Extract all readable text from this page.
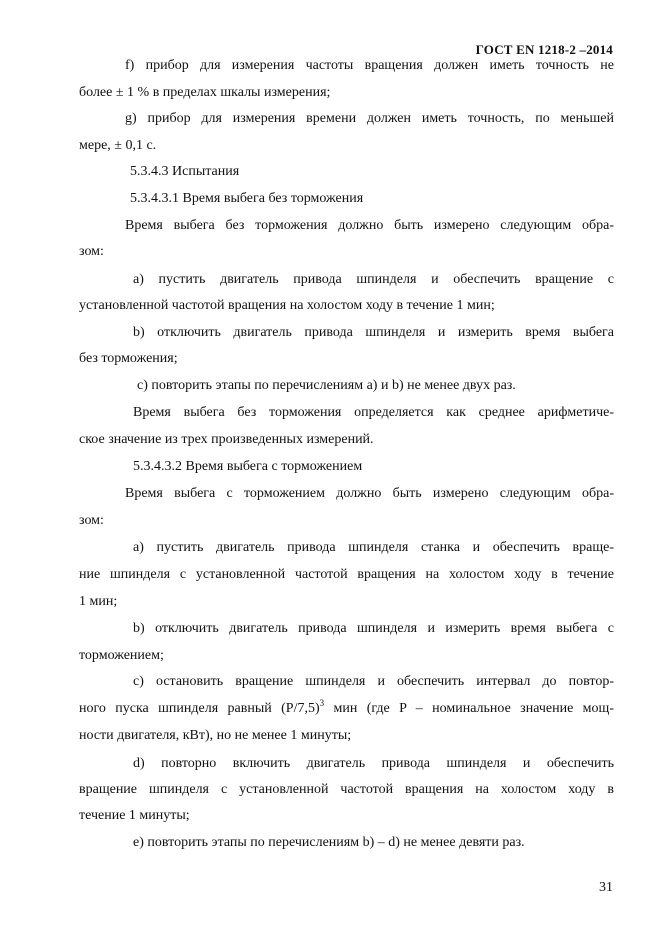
ГОСТ EN 1218-2 –2014
f) прибор для измерения частоты вращения должен иметь точность не
более ± 1 % в пределах шкалы измерения;
g) прибор для измерения времени должен иметь точность, по меньшей
мере, ± 0,1 с.
5.3.4.3 Испытания
5.3.4.3.1 Время выбега без торможения
Время выбега без торможения должно быть измерено следующим обра-
зом:
a) пустить двигатель привода шпинделя и обеспечить вращение с
установленной частотой вращения на холостом ходу в течение 1 мин;
b) отключить двигатель привода шпинделя и измерить время выбега
без торможения;
c) повторить этапы по перечислениям a) и b) не менее двух раз.
Время выбега без торможения определяется как среднее арифметиче-
ское значение из трех произведенных измерений.
5.3.4.3.2 Время выбега с торможением
Время выбега с торможением должно быть измерено следующим обра-
зом:
a) пустить двигатель привода шпинделя станка и обеспечить враще-
ние шпинделя с установленной частотой вращения на холостом ходу в течение
1 мин;
b) отключить двигатель привода шпинделя и измерить время выбега с
торможением;
c) остановить вращение шпинделя и обеспечить интервал до повтор-
ного пуска шпинделя равный $(P/7,5)^3$ мин (где P – номинальное значение мощ-
ности двигателя, кВт), но не менее 1 минуты;
d) повторно включить двигатель привода шпинделя и обеспечить
вращение шпинделя с установленной частотой вращения на холостом ходу в
течение 1 минуты;
e) повторить этапы по перечислениям b) – d) не менее девяти раз.
31
